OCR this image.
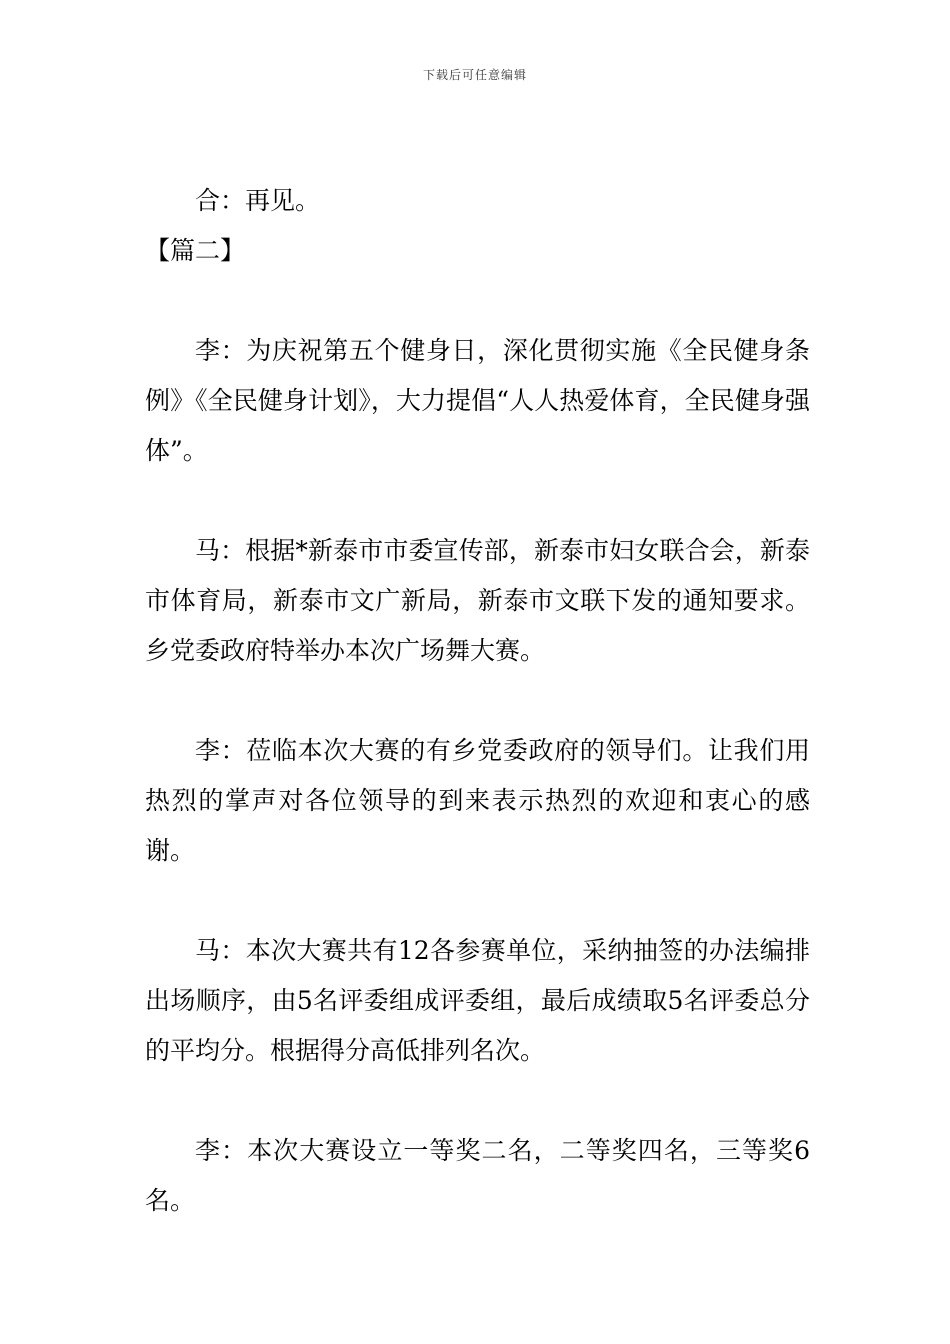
下载后可任意编辑

合：再见。

【篇二】

李：为庆祝第五个健身日，深化贯彻实施《全民健身条例》《全民健身计划》，大力提倡“人人热爱体育，全民健身强体”。

马：根据*新泰市市委宣传部，新泰市妇女联合会，新泰市体育局，新泰市文广新局，新泰市文联下发的通知要求。乡党委政府特举办本次广场舞大赛。

李：莅临本次大赛的有乡党委政府的领导们。让我们用热烈的掌声对各位领导的到来表示热烈的欢迎和衷心的感谢。

马：本次大赛共有12各参赛单位，采纳抽签的办法编排出场顺序，由5名评委组成评委组，最后成绩取5名评委总分的平均分。根据得分高低排列名次。

李：本次大赛设立一等奖二名，二等奖四名，三等奖6名。
